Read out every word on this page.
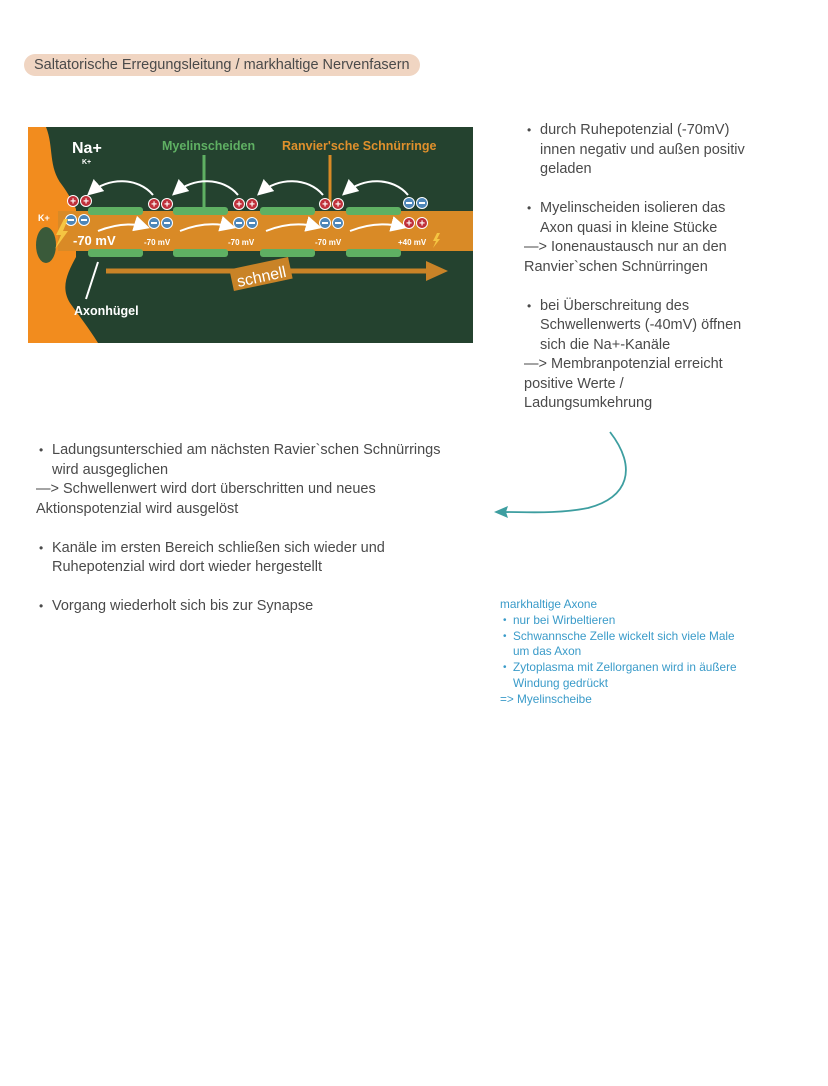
Saltatorische Erregungsleitung / markhaltige Nervenfasern
+ +	+ +	+ +	+ +
+ +
Na+
K+
K+
Myelinscheiden Ranvier'sche Schnürringe
-70 mV	-70 mV	-70 mV	-70 mV	+40 mV
schnell
Axonhügel
• durch Ruhepotenzial (-70mV)
innen negativ und außen positiv
geladen
• Myelinscheiden isolieren das
Axon quasi in kleine Stücke
—> Ionenaustausch nur an den
Ranvier`schen Schnürringen
• bei Überschreitung des
Schwellenwerts (-40mV) öffnen
sich die Na+-Kanäle
—> Membranpotenzial erreicht
positive Werte /
Ladungsumkehrung
• Ladungsunterschied am nächsten Ravier`schen Schnürrings
wird ausgeglichen
—> Schwellenwert wird dort überschritten und neues
Aktionspotenzial wird ausgelöst
• Kanäle im ersten Bereich schließen sich wieder und
Ruhepotenzial wird dort wieder hergestellt
• Vorgang wiederholt sich bis zur Synapse	markhaltige Axone
• nur bei Wirbeltieren
• Schwannsche Zelle wickelt sich viele Male
um das Axon
• Zytoplasma mit Zellorganen wird in äußere
Windung gedrückt
=> Myelinscheibe
